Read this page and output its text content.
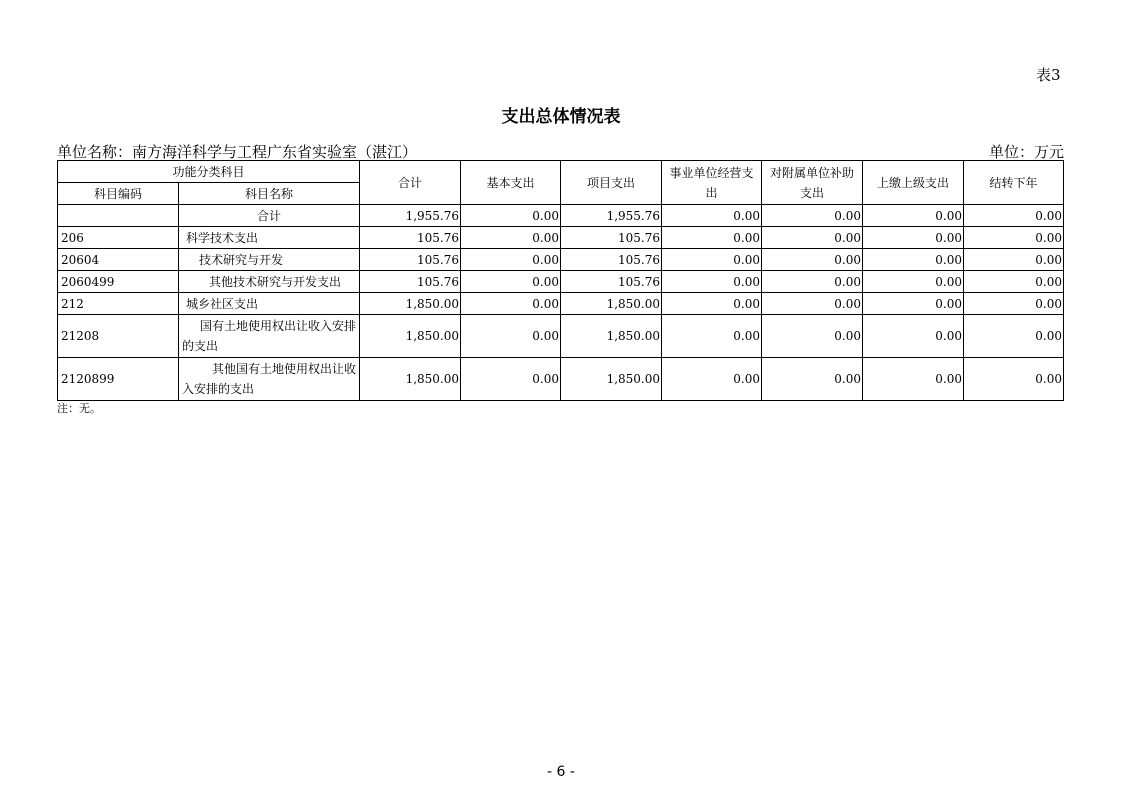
表3
支出总体情况表
单位名称：南方海洋科学与工程广东省实验室（湛江）	单位：万元
功能分类科目		合计	基本支出	项目支出	事业单位经营支出	对附属单位补助支出	上缴上级支出	结转下年
科目编码	科目名称							
	合计	1,955.76	0.00	1,955.76	0.00	0.00	0.00	0.00
206	科学技术支出	105.76	0.00	105.76	0.00	0.00	0.00	0.00
20604	技术研究与开发	105.76	0.00	105.76	0.00	0.00	0.00	0.00
2060499	其他技术研究与开发支出	105.76	0.00	105.76	0.00	0.00	0.00	0.00
212	城乡社区支出	1,850.00	0.00	1,850.00	0.00	0.00	0.00	0.00
21208	国有土地使用权出让收入安排的支出	1,850.00	0.00	1,850.00	0.00	0.00	0.00	0.00
2120899	其他国有土地使用权出让收入安排的支出	1,850.00	0.00	1,850.00	0.00	0.00	0.00	0.00
注：无。
- 6 -
